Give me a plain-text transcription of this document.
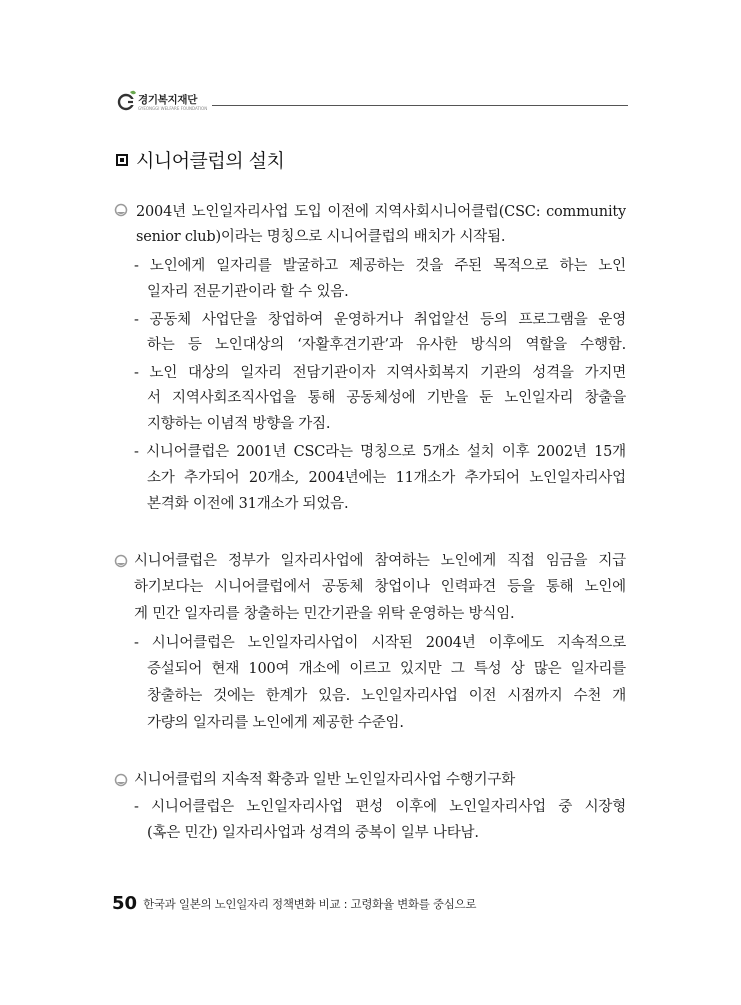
경기복지재단
GYEONGGI WELFARE FOUNDATION
시니어클럽의 설치
2004년 노인일자리사업 도입 이전에 지역사회시니어클럽(CSC: community
senior club)이라는 명칭으로 시니어클럽의 배치가 시작됨.
- 노인에게 일자리를 발굴하고 제공하는 것을 주된 목적으로 하는 노인
일자리 전문기관이라 할 수 있음.
- 공동체 사업단을 창업하여 운영하거나 취업알선 등의 프로그램을 운영
하는 등 노인대상의 ‘자활후견기관’과 유사한 방식의 역할을 수행함.
- 노인 대상의 일자리 전담기관이자 지역사회복지 기관의 성격을 가지면
서 지역사회조직사업을 통해 공동체성에 기반을 둔 노인일자리 창출을
지향하는 이념적 방향을 가짐.
- 시니어클럽은 2001년 CSC라는 명칭으로 5개소 설치 이후 2002년 15개
소가 추가되어 20개소, 2004년에는 11개소가 추가되어 노인일자리사업
본격화 이전에 31개소가 되었음.
시니어클럽은 정부가 일자리사업에 참여하는 노인에게 직접 임금을 지급
하기보다는 시니어클럽에서 공동체 창업이나 인력파견 등을 통해 노인에
게 민간 일자리를 창출하는 민간기관을 위탁 운영하는 방식임.
- 시니어클럽은 노인일자리사업이 시작된 2004년 이후에도 지속적으로
증설되어 현재 100여 개소에 이르고 있지만 그 특성 상 많은 일자리를
창출하는 것에는 한계가 있음. 노인일자리사업 이전 시점까지 수천 개
가량의 일자리를 노인에게 제공한 수준임.
시니어클럽의 지속적 확충과 일반 노인일자리사업 수행기구화
- 시니어클럽은 노인일자리사업 편성 이후에 노인일자리사업 중 시장형
(혹은 민간) 일자리사업과 성격의 중복이 일부 나타남.
50 한국과 일본의 노인일자리 정책변화 비교 : 고령화율 변화를 중심으로
